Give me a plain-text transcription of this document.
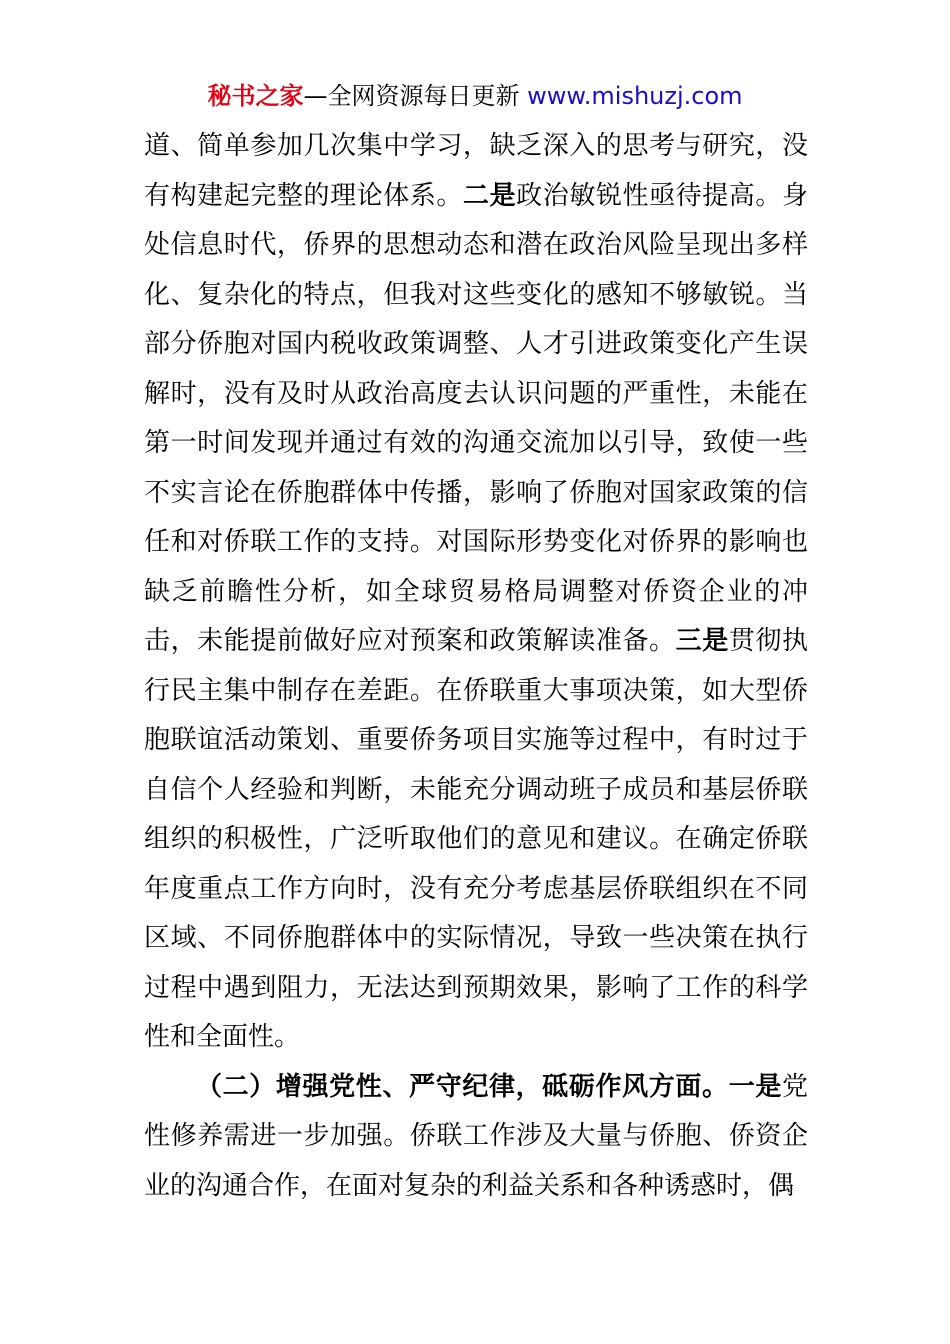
秘书之家—全网资源每日更新 www.mishuzj.com

道、简单参加几次集中学习，缺乏深入的思考与研究，没有构建起完整的理论体系。二是政治敏锐性亟待提高。身处信息时代，侨界的思想动态和潜在政治风险呈现出多样化、复杂化的特点，但我对这些变化的感知不够敏锐。当部分侨胞对国内税收政策调整、人才引进政策变化产生误解时，没有及时从政治高度去认识问题的严重性，未能在第一时间发现并通过有效的沟通交流加以引导，致使一些不实言论在侨胞群体中传播，影响了侨胞对国家政策的信任和对侨联工作的支持。对国际形势变化对侨界的影响也缺乏前瞻性分析，如全球贸易格局调整对侨资企业的冲击，未能提前做好应对预案和政策解读准备。三是贯彻执行民主集中制存在差距。在侨联重大事项决策，如大型侨胞联谊活动策划、重要侨务项目实施等过程中，有时过于自信个人经验和判断，未能充分调动班子成员和基层侨联组织的积极性，广泛听取他们的意见和建议。在确定侨联年度重点工作方向时，没有充分考虑基层侨联组织在不同区域、不同侨胞群体中的实际情况，导致一些决策在执行过程中遇到阻力，无法达到预期效果，影响了工作的科学性和全面性。

（二）增强党性、严守纪律，砥砺作风方面。一是党性修养需进一步加强。侨联工作涉及大量与侨胞、侨资企业的沟通合作，在面对复杂的利益关系和各种诱惑时，偶
